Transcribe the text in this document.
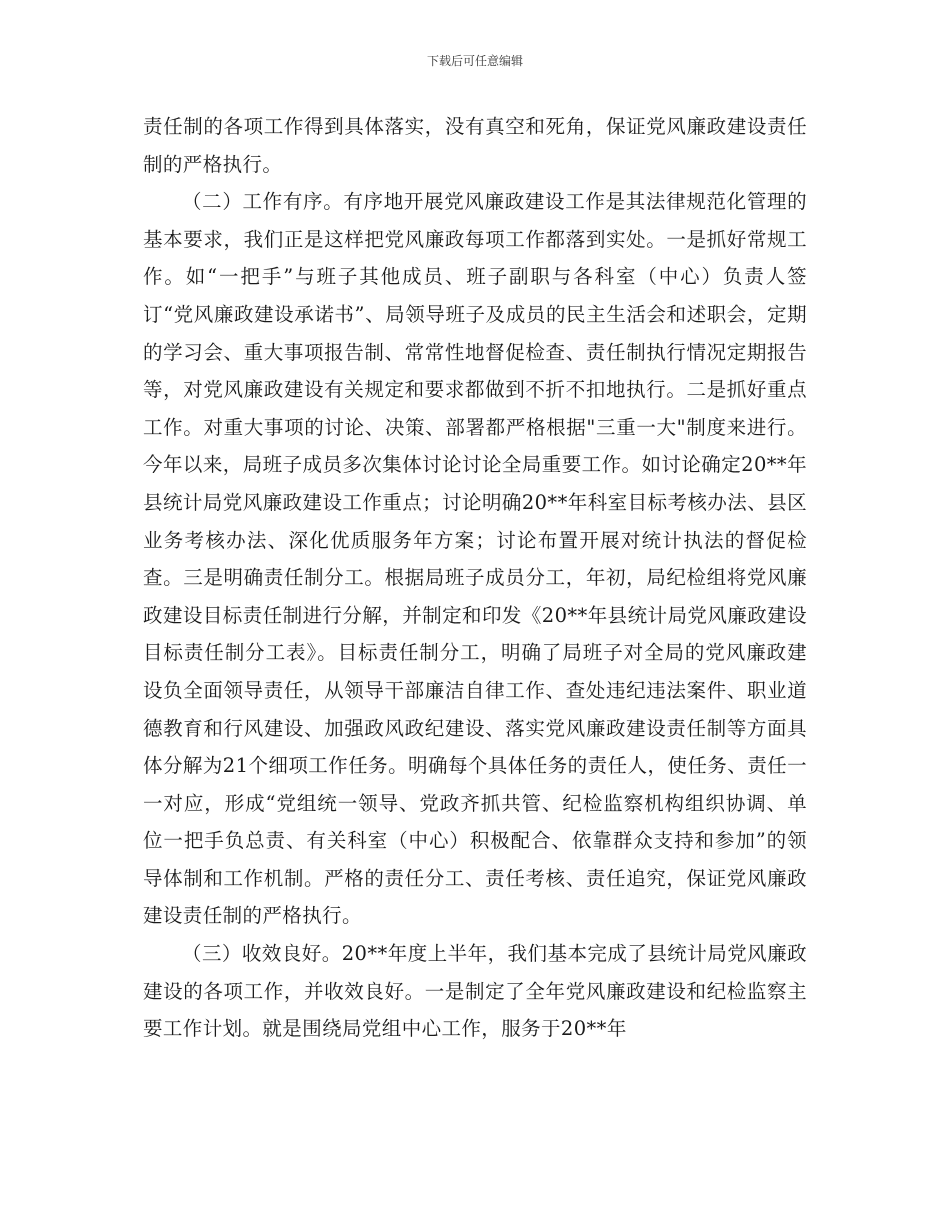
下载后可任意编辑

责任制的各项工作得到具体落实，没有真空和死角，保证党风廉政建设责任制的严格执行。

（二）工作有序。有序地开展党风廉政建设工作是其法律规范化管理的基本要求，我们正是这样把党风廉政每项工作都落到实处。一是抓好常规工作。如“一把手”与班子其他成员、班子副职与各科室（中心）负责人签订“党风廉政建设承诺书”、局领导班子及成员的民主生活会和述职会，定期的学习会、重大事项报告制、常常性地督促检查、责任制执行情况定期报告等，对党风廉政建设有关规定和要求都做到不折不扣地执行。二是抓好重点工作。对重大事项的讨论、决策、部署都严格根据"三重一大"制度来进行。今年以来，局班子成员多次集体讨论讨论全局重要工作。如讨论确定20**年县统计局党风廉政建设工作重点；讨论明确20**年科室目标考核办法、县区业务考核办法、深化优质服务年方案；讨论布置开展对统计执法的督促检查。三是明确责任制分工。根据局班子成员分工，年初，局纪检组将党风廉政建设目标责任制进行分解，并制定和印发《20**年县统计局党风廉政建设目标责任制分工表》。目标责任制分工，明确了局班子对全局的党风廉政建设负全面领导责任，从领导干部廉洁自律工作、查处违纪违法案件、职业道德教育和行风建设、加强政风政纪建设、落实党风廉政建设责任制等方面具体分解为21个细项工作任务。明确每个具体任务的责任人，使任务、责任一一对应，形成“党组统一领导、党政齐抓共管、纪检监察机构组织协调、单位一把手负总责、有关科室（中心）积极配合、依靠群众支持和参加”的领导体制和工作机制。严格的责任分工、责任考核、责任追究，保证党风廉政建设责任制的严格执行。

（三）收效良好。20**年度上半年，我们基本完成了县统计局党风廉政建设的各项工作，并收效良好。一是制定了全年党风廉政建设和纪检监察主要工作计划。就是围绕局党组中心工作，服务于20**年
